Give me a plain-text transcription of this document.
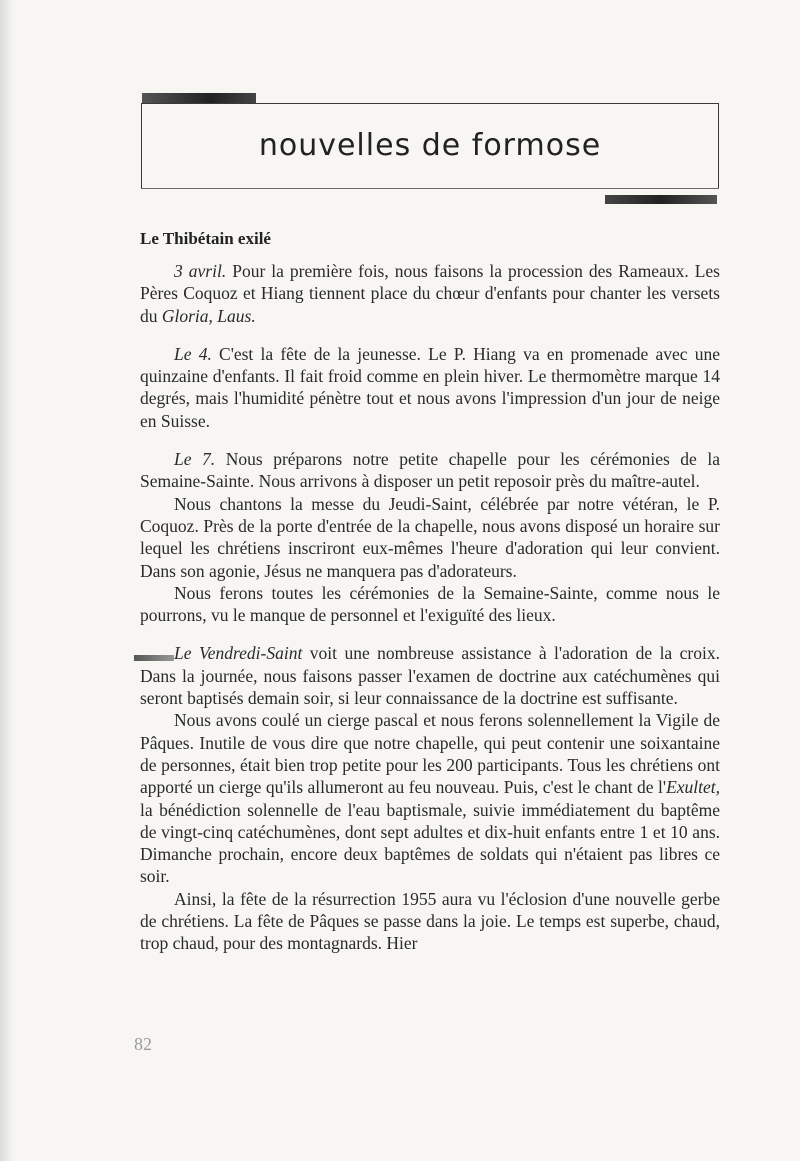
nouvelles de formose
Le Thibétain exilé

3 avril. Pour la première fois, nous faisons la procession des Rameaux. Les Pères Coquoz et Hiang tiennent place du chœur d'enfants pour chanter les versets du Gloria, Laus.

Le 4. C'est la fête de la jeunesse. Le P. Hiang va en promenade avec une quinzaine d'enfants. Il fait froid comme en plein hiver. Le thermomètre marque 14 degrés, mais l'humidité pénètre tout et nous avons l'impression d'un jour de neige en Suisse.

Le 7. Nous préparons notre petite chapelle pour les cérémonies de la Semaine-Sainte. Nous arrivons à disposer un petit reposoir près du maître-autel.

Nous chantons la messe du Jeudi-Saint, célébrée par notre vétéran, le P. Coquoz. Près de la porte d'entrée de la chapelle, nous avons disposé un horaire sur lequel les chrétiens inscriront eux-mêmes l'heure d'adoration qui leur convient. Dans son agonie, Jésus ne manquera pas d'adorateurs.

Nous ferons toutes les cérémonies de la Semaine-Sainte, comme nous le pourrons, vu le manque de personnel et l'exiguïté des lieux.

Le Vendredi-Saint voit une nombreuse assistance à l'adoration de la croix. Dans la journée, nous faisons passer l'examen de doctrine aux catéchumènes qui seront baptisés demain soir, si leur connaissance de la doctrine est suffisante.

Nous avons coulé un cierge pascal et nous ferons solennellement la Vigile de Pâques. Inutile de vous dire que notre chapelle, qui peut contenir une soixantaine de personnes, était bien trop petite pour les 200 participants. Tous les chrétiens ont apporté un cierge qu'ils allumeront au feu nouveau. Puis, c'est le chant de l'Exultet, la bénédiction solennelle de l'eau baptismale, suivie immédiatement du baptême de vingt-cinq catéchumènes, dont sept adultes et dix-huit enfants entre 1 et 10 ans. Dimanche prochain, encore deux baptêmes de soldats qui n'étaient pas libres ce soir.

Ainsi, la fête de la résurrection 1955 aura vu l'éclosion d'une nouvelle gerbe de chrétiens. La fête de Pâques se passe dans la joie. Le temps est superbe, chaud, trop chaud, pour des montagnards. Hier

82
